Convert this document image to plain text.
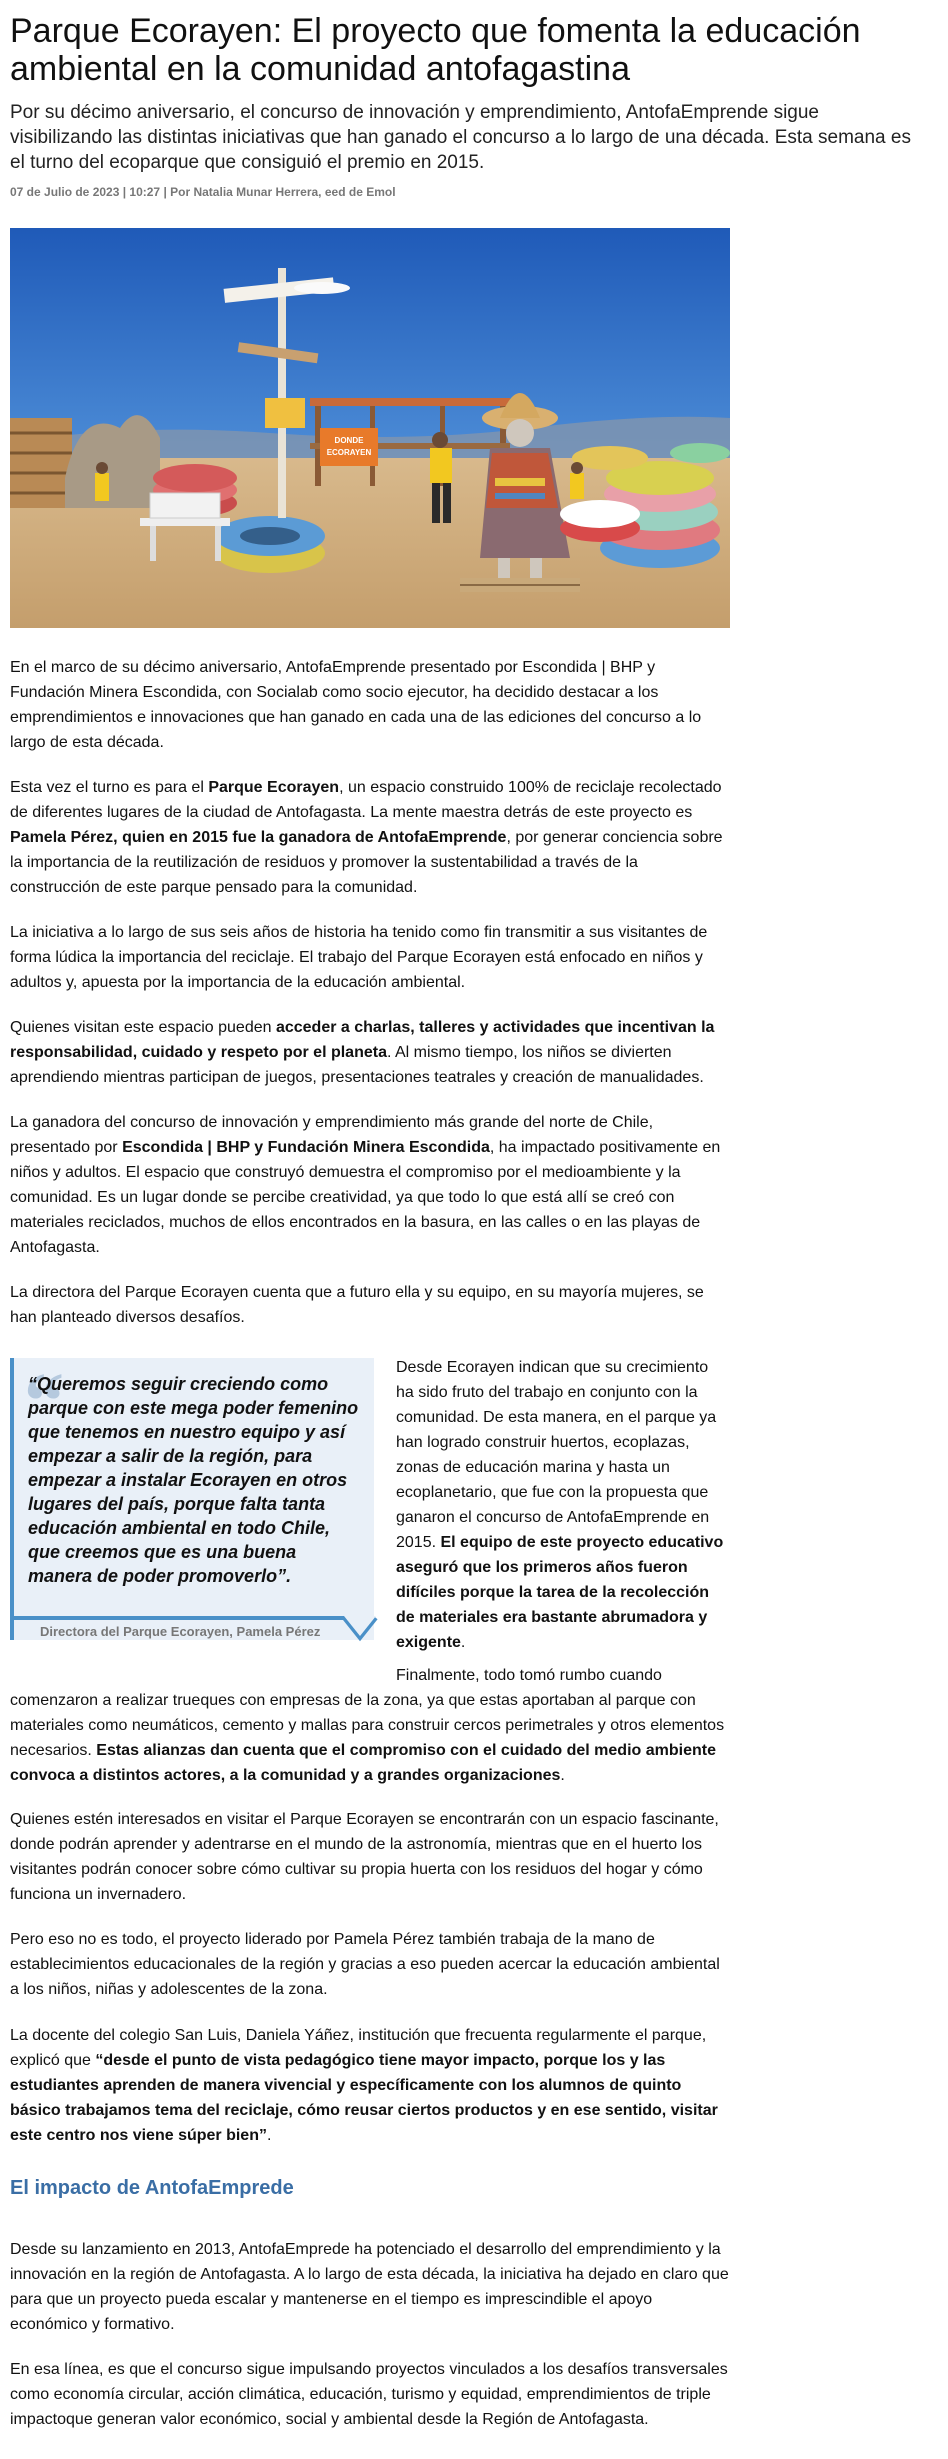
Parque Ecorayen: El proyecto que fomenta la educación ambiental en la comunidad antofagastina

Por su décimo aniversario, el concurso de innovación y emprendimiento, AntofaEmprende sigue visibilizando las distintas iniciativas que han ganado el concurso a lo largo de una década. Esta semana es el turno del ecoparque que consiguió el premio en 2015.

07 de Julio de 2023 | 10:27 | Por Natalia Munar Herrera, eed de Emol
DONDE
ECORAYEN

En el marco de su décimo aniversario, AntofaEmprende presentado por Escondida | BHP y Fundación Minera Escondida, con Socialab como socio ejecutor, ha decidido destacar a los emprendimientos e innovaciones que han ganado en cada una de las ediciones del concurso a lo largo de esta década.

Esta vez el turno es para el Parque Ecorayen, un espacio construido 100% de reciclaje recolectado de diferentes lugares de la ciudad de Antofagasta. La mente maestra detrás de este proyecto es Pamela Pérez, quien en 2015 fue la ganadora de AntofaEmprende, por generar conciencia sobre la importancia de la reutilización de residuos y promover la sustentabilidad a través de la construcción de este parque pensado para la comunidad.

La iniciativa a lo largo de sus seis años de historia ha tenido como fin transmitir a sus visitantes de forma lúdica la importancia del reciclaje. El trabajo del Parque Ecorayen está enfocado en niños y adultos y, apuesta por la importancia de la educación ambiental.

Quienes visitan este espacio pueden acceder a charlas, talleres y actividades que incentivan la responsabilidad, cuidado y respeto por el planeta. Al mismo tiempo, los niños se divierten aprendiendo mientras participan de juegos, presentaciones teatrales y creación de manualidades.

La ganadora del concurso de innovación y emprendimiento más grande del norte de Chile, presentado por Escondida | BHP y Fundación Minera Escondida, ha impactado positivamente en niños y adultos. El espacio que construyó demuestra el compromiso por el medioambiente y la comunidad. Es un lugar donde se percibe creatividad, ya que todo lo que está allí se creó con materiales reciclados, muchos de ellos encontrados en la basura, en las calles o en las playas de Antofagasta.

La directora del Parque Ecorayen cuenta que a futuro ella y su equipo, en su mayoría mujeres, se han planteado diversos desafíos.

“

“Queremos seguir creciendo como parque con este mega poder femenino que tenemos en nuestro equipo y así empezar a salir de la región, para empezar a instalar Ecorayen en otros lugares del país, porque falta tanta educación ambiental en todo Chile, que creemos que es una buena manera de poder promoverlo”.

Directora del Parque Ecorayen, Pamela Pérez

Desde Ecorayen indican que su crecimiento ha sido fruto del trabajo en conjunto con la comunidad. De esta manera, en el parque ya han logrado construir huertos, ecoplazas, zonas de educación marina y hasta un ecoplanetario, que fue con la propuesta que ganaron el concurso de AntofaEmprende en 2015. El equipo de este proyecto educativo aseguró que los primeros años fueron difíciles porque la tarea de la recolección de materiales era bastante abrumadora y exigente.

Finalmente, todo tomó rumbo cuando comenzaron a realizar trueques con empresas de la zona, ya que estas aportaban al parque con materiales como neumáticos, cemento y mallas para construir cercos perimetrales y otros elementos necesarios. Estas alianzas dan cuenta que el compromiso con el cuidado del medio ambiente convoca a distintos actores, a la comunidad y a grandes organizaciones.

Quienes estén interesados en visitar el Parque Ecorayen se encontrarán con un espacio fascinante, donde podrán aprender y adentrarse en el mundo de la astronomía, mientras que en el huerto los visitantes podrán conocer sobre cómo cultivar su propia huerta con los residuos del hogar y cómo funciona un invernadero.

Pero eso no es todo, el proyecto liderado por Pamela Pérez también trabaja de la mano de establecimientos educacionales de la región y gracias a eso pueden acercar la educación ambiental a los niños, niñas y adolescentes de la zona.

La docente del colegio San Luis, Daniela Yáñez, institución que frecuenta regularmente el parque, explicó que “desde el punto de vista pedagógico tiene mayor impacto, porque los y las estudiantes aprenden de manera vivencial y específicamente con los alumnos de quinto básico trabajamos tema del reciclaje, cómo reusar ciertos productos y en ese sentido, visitar este centro nos viene súper bien”.

El impacto de AntofaEmprede

Desde su lanzamiento en 2013, AntofaEmprede ha potenciado el desarrollo del emprendimiento y la innovación en la región de Antofagasta. A lo largo de esta década, la iniciativa ha dejado en claro que para que un proyecto pueda escalar y mantenerse en el tiempo es imprescindible el apoyo económico y formativo.

En esa línea, es que el concurso sigue impulsando proyectos vinculados a los desafíos transversales como economía circular, acción climática, educación, turismo y equidad, emprendimientos de triple impactoque generan valor económico, social y ambiental desde la Región de Antofagasta.
